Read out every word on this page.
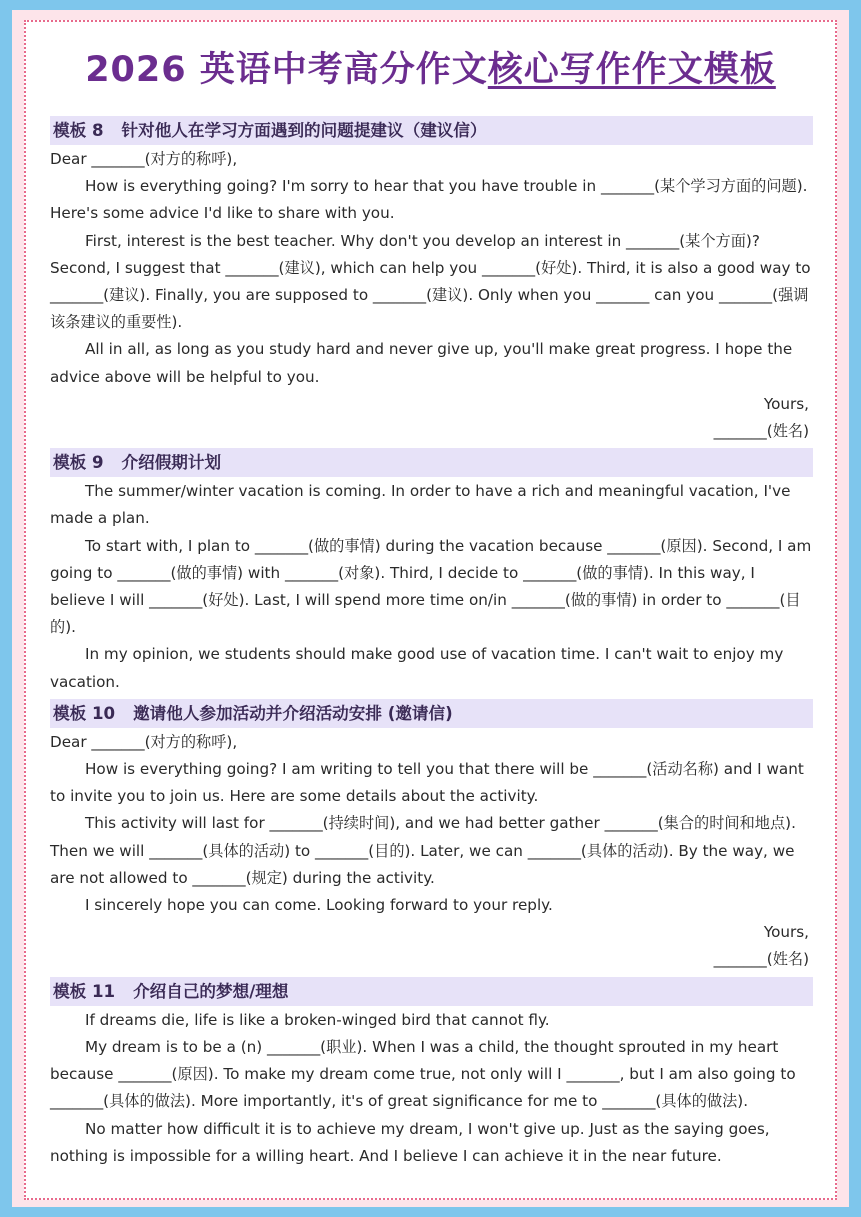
2026 英语中考高分作文核心写作作文模板
模板 8 针对他人在学习方面遇到的问题提建议（建议信）

Dear _______(对方的称呼),

How is everything going? I'm sorry to hear that you have trouble in _______(某个学习方面的问题). Here's some advice I'd like to share with you.

First, interest is the best teacher. Why don't you develop an interest in _______(某个方面)? Second, I suggest that _______(建议), which can help you _______(好处). Third, it is also a good way to _______(建议). Finally, you are supposed to _______(建议). Only when you _______ can you _______(强调该条建议的重要性).

All in all, as long as you study hard and never give up, you'll make great progress. I hope the advice above will be helpful to you.

Yours,

_______(姓名)

模板 9 介绍假期计划

The summer/winter vacation is coming. In order to have a rich and meaningful vacation, I've made a plan.

To start with, I plan to _______(做的事情) during the vacation because _______(原因). Second, I am going to _______(做的事情) with _______(对象). Third, I decide to _______(做的事情). In this way, I believe I will _______(好处). Last, I will spend more time on/in _______(做的事情) in order to _______(目的).

In my opinion, we students should make good use of vacation time. I can't wait to enjoy my vacation.

模板 10 邀请他人参加活动并介绍活动安排 (邀请信)

Dear _______(对方的称呼),

How is everything going? I am writing to tell you that there will be _______(活动名称) and I want to invite you to join us. Here are some details about the activity.

This activity will last for _______(持续时间), and we had better gather _______(集合的时间和地点). Then we will _______(具体的活动) to _______(目的). Later, we can _______(具体的活动). By the way, we are not allowed to _______(规定) during the activity.

I sincerely hope you can come. Looking forward to your reply.

Yours,

_______(姓名)

模板 11 介绍自己的梦想/理想

If dreams die, life is like a broken-winged bird that cannot fly.

My dream is to be a (n) _______(职业). When I was a child, the thought sprouted in my heart because _______(原因). To make my dream come true, not only will I _______, but I am also going to _______(具体的做法). More importantly, it's of great significance for me to _______(具体的做法).

No matter how difficult it is to achieve my dream, I won't give up. Just as the saying goes, nothing is impossible for a willing heart. And I believe I can achieve it in the near future.
